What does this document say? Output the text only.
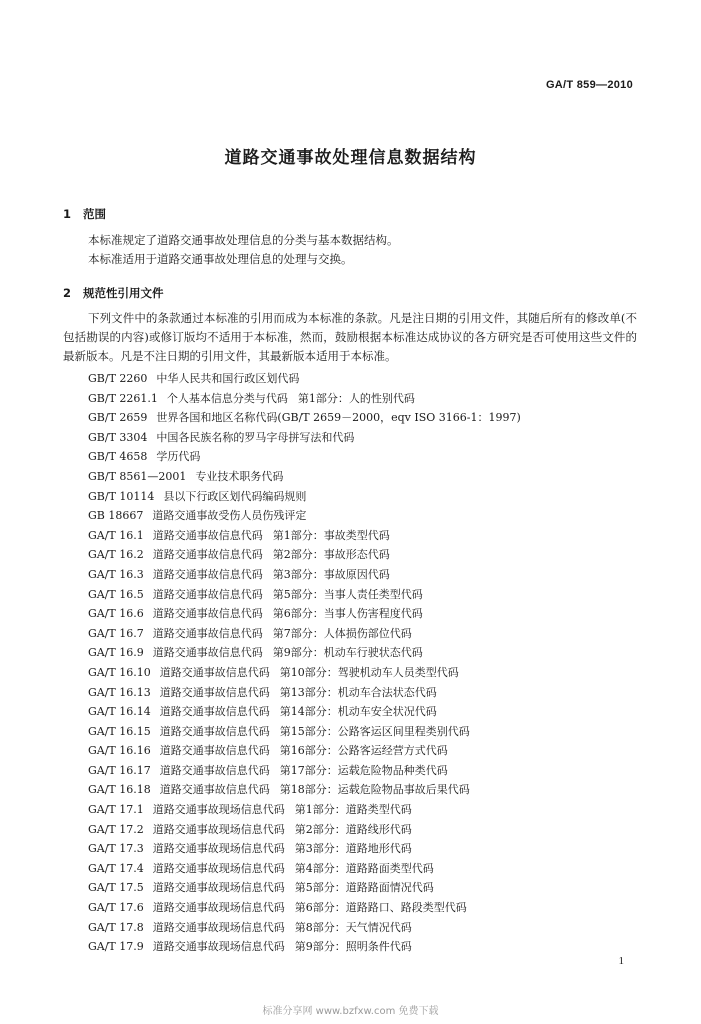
GA/T 859—2010
道路交通事故处理信息数据结构
1 范围
本标准规定了道路交通事故处理信息的分类与基本数据结构。
本标准适用于道路交通事故处理信息的处理与交换。
2 规范性引用文件
下列文件中的条款通过本标准的引用而成为本标准的条款。凡是注日期的引用文件，其随后所有的修改单(不包括勘误的内容)或修订版均不适用于本标准，然而，鼓励根据本标准达成协议的各方研究是否可使用这些文件的最新版本。凡是不注日期的引用文件，其最新版本适用于本标准。
GB/T 2260 中华人民共和国行政区划代码
GB/T 2261.1 个人基本信息分类与代码 第1部分：人的性别代码
GB/T 2659 世界各国和地区名称代码(GB/T 2659－2000，eqv ISO 3166-1：1997)
GB/T 3304 中国各民族名称的罗马字母拼写法和代码
GB/T 4658 学历代码
GB/T 8561—2001 专业技术职务代码
GB/T 10114 县以下行政区划代码编码规则
GB 18667 道路交通事故受伤人员伤残评定
GA/T 16.1 道路交通事故信息代码 第1部分：事故类型代码
GA/T 16.2 道路交通事故信息代码 第2部分：事故形态代码
GA/T 16.3 道路交通事故信息代码 第3部分：事故原因代码
GA/T 16.5 道路交通事故信息代码 第5部分：当事人责任类型代码
GA/T 16.6 道路交通事故信息代码 第6部分：当事人伤害程度代码
GA/T 16.7 道路交通事故信息代码 第7部分：人体损伤部位代码
GA/T 16.9 道路交通事故信息代码 第9部分：机动车行驶状态代码
GA/T 16.10 道路交通事故信息代码 第10部分：驾驶机动车人员类型代码
GA/T 16.13 道路交通事故信息代码 第13部分：机动车合法状态代码
GA/T 16.14 道路交通事故信息代码 第14部分：机动车安全状况代码
GA/T 16.15 道路交通事故信息代码 第15部分：公路客运区间里程类别代码
GA/T 16.16 道路交通事故信息代码 第16部分：公路客运经营方式代码
GA/T 16.17 道路交通事故信息代码 第17部分：运载危险物品种类代码
GA/T 16.18 道路交通事故信息代码 第18部分：运载危险物品事故后果代码
GA/T 17.1 道路交通事故现场信息代码 第1部分：道路类型代码
GA/T 17.2 道路交通事故现场信息代码 第2部分：道路线形代码
GA/T 17.3 道路交通事故现场信息代码 第3部分：道路地形代码
GA/T 17.4 道路交通事故现场信息代码 第4部分：道路路面类型代码
GA/T 17.5 道路交通事故现场信息代码 第5部分：道路路面情况代码
GA/T 17.6 道路交通事故现场信息代码 第6部分：道路路口、路段类型代码
GA/T 17.8 道路交通事故现场信息代码 第8部分：天气情况代码
GA/T 17.9 道路交通事故现场信息代码 第9部分：照明条件代码
1
标准分享网 www.bzfxw.com 免费下载
